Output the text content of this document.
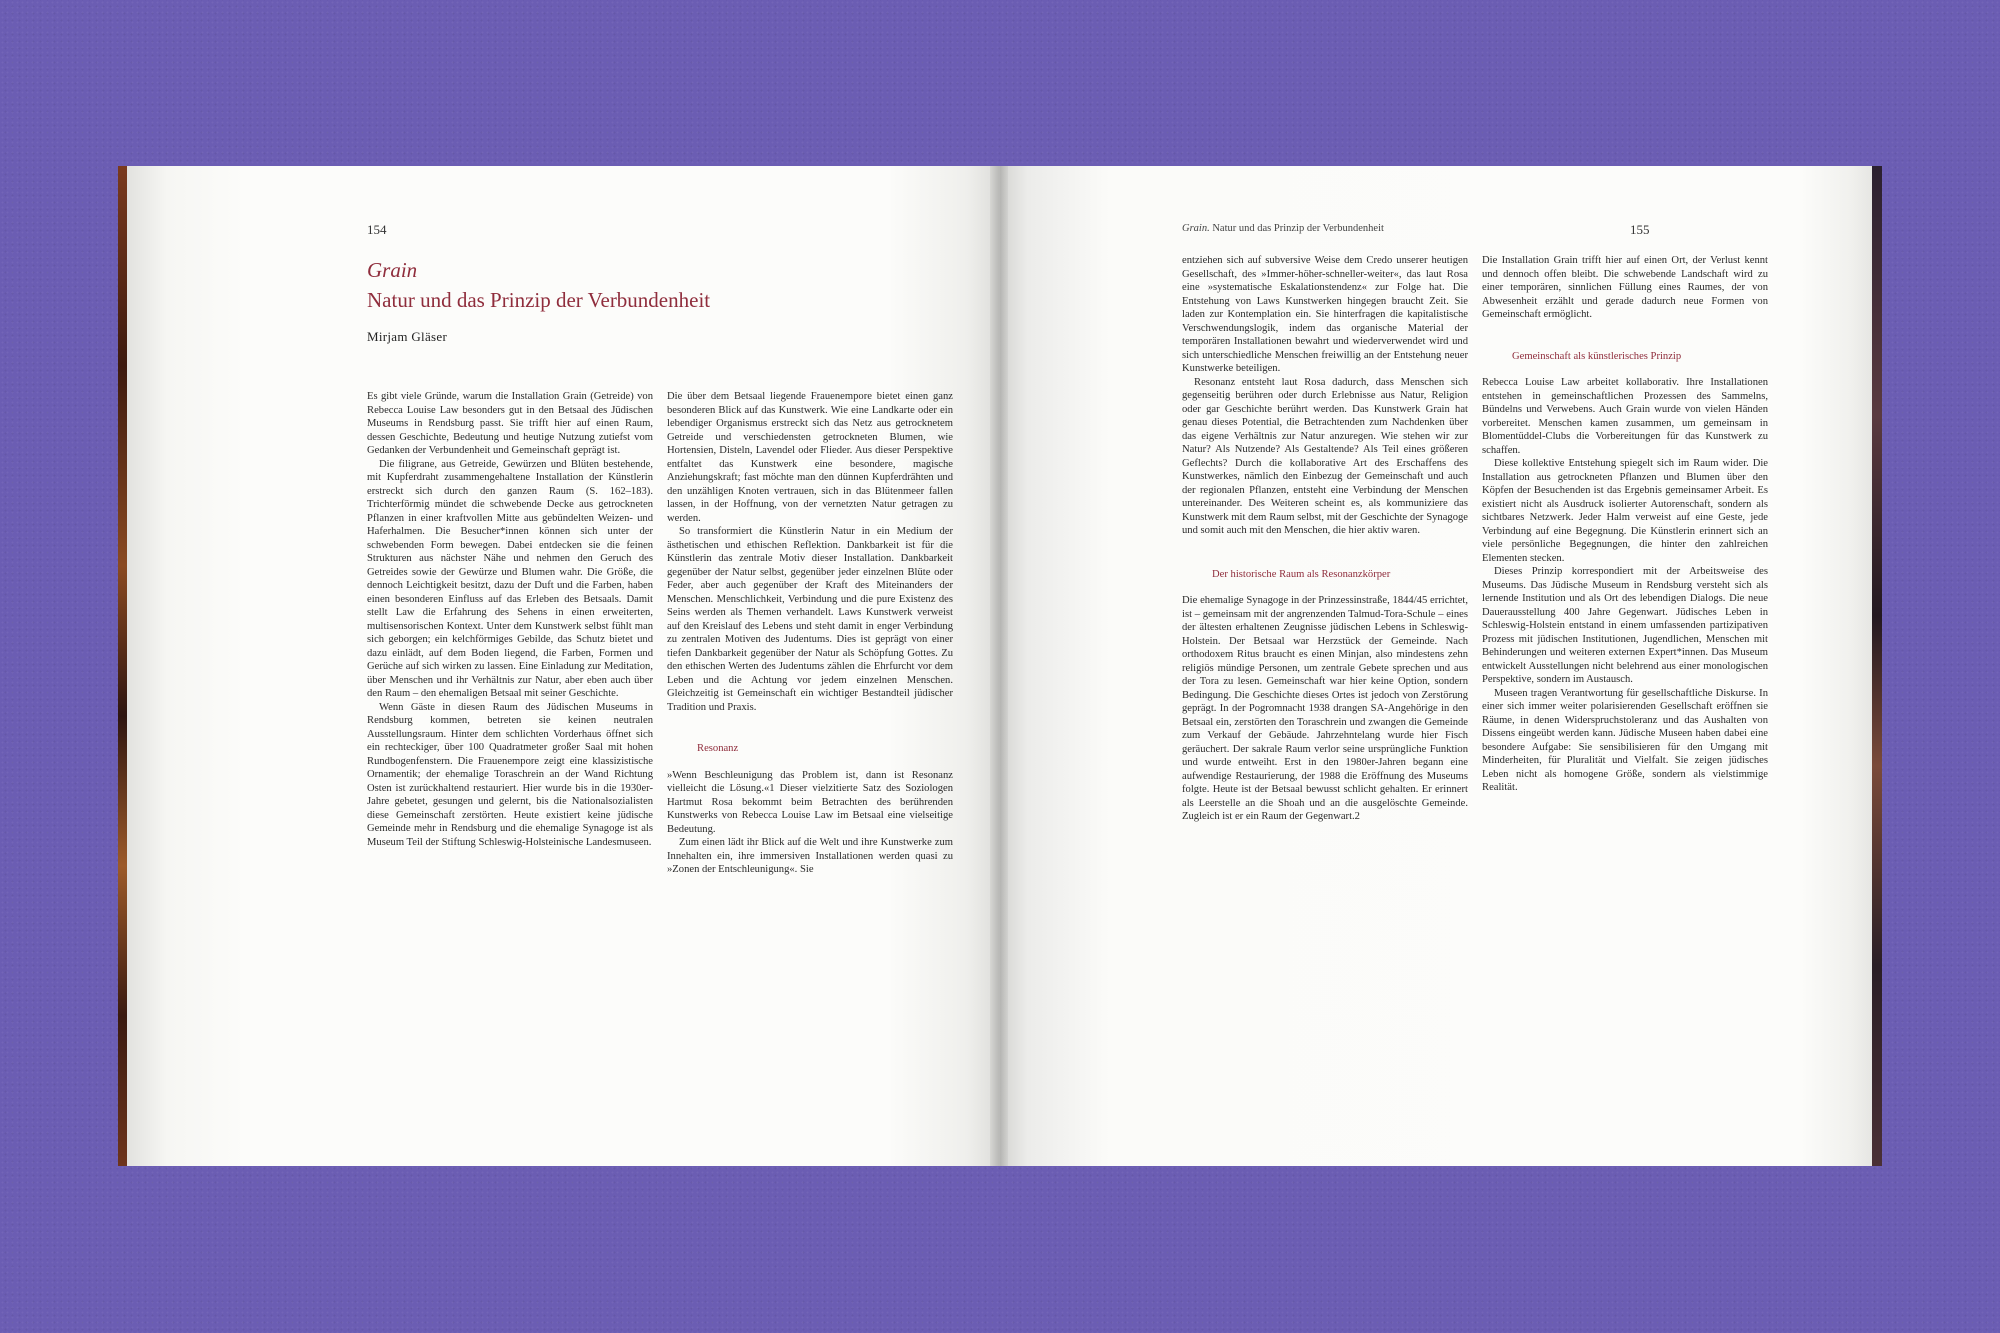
154
Grain
Natur und das Prinzip der Verbundenheit
Mirjam Gläser

Es gibt viele Gründe, warum die Installation Grain (Getreide) von Rebecca Louise Law besonders gut in den Betsaal des Jüdischen Museums in Rendsburg passt. Sie trifft hier auf einen Raum, dessen Geschichte, Bedeutung und heutige Nutzung zutiefst vom Gedanken der Verbundenheit und Gemeinschaft geprägt ist.

Die filigrane, aus Getreide, Gewürzen und Blüten bestehende, mit Kupferdraht zusammengehaltene Installation der Künstlerin erstreckt sich durch den ganzen Raum (S. 162–183). Trichterförmig mündet die schwebende Decke aus getrockneten Pflanzen in einer kraftvollen Mitte aus gebündelten Weizen- und Haferhalmen. Die Besucher*innen können sich unter der schwebenden Form bewegen. Dabei entdecken sie die feinen Strukturen aus nächster Nähe und nehmen den Geruch des Getreides sowie der Gewürze und Blumen wahr. Die Größe, die dennoch Leichtigkeit besitzt, dazu der Duft und die Farben, haben einen besonderen Einfluss auf das Erleben des Betsaals. Damit stellt Law die Erfahrung des Sehens in einen erweiterten, multisensorischen Kontext. Unter dem Kunstwerk selbst fühlt man sich geborgen; ein kelchförmiges Gebilde, das Schutz bietet und dazu einlädt, auf dem Boden liegend, die Farben, Formen und Gerüche auf sich wirken zu lassen. Eine Einladung zur Meditation, über Menschen und ihr Verhältnis zur Natur, aber eben auch über den Raum – den ehemaligen Betsaal mit seiner Geschichte.

Wenn Gäste in diesen Raum des Jüdischen Museums in Rendsburg kommen, betreten sie keinen neutralen Ausstellungsraum. Hinter dem schlichten Vorderhaus öffnet sich ein rechteckiger, über 100 Quadratmeter großer Saal mit hohen Rundbogenfenstern. Die Frauenempore zeigt eine klassizistische Ornamentik; der ehemalige Toraschrein an der Wand Richtung Osten ist zurückhaltend restauriert. Hier wurde bis in die 1930er-Jahre gebetet, gesungen und gelernt, bis die Nationalsozialisten diese Gemeinschaft zerstörten. Heute existiert keine jüdische Gemeinde mehr in Rendsburg und die ehemalige Synagoge ist als Museum Teil der Stiftung Schleswig-Holsteinische Landesmuseen.

Die über dem Betsaal liegende Frauenempore bietet einen ganz besonderen Blick auf das Kunstwerk. Wie eine Landkarte oder ein lebendiger Organismus erstreckt sich das Netz aus getrocknetem Getreide und verschiedensten getrockneten Blumen, wie Hortensien, Disteln, Lavendel oder Flieder. Aus dieser Perspektive entfaltet das Kunstwerk eine besondere, magische Anziehungskraft; fast möchte man den dünnen Kupferdrähten und den unzähligen Knoten vertrauen, sich in das Blütenmeer fallen lassen, in der Hoffnung, von der vernetzten Natur getragen zu werden.

So transformiert die Künstlerin Natur in ein Medium der ästhetischen und ethischen Reflektion. Dankbarkeit ist für die Künstlerin das zentrale Motiv dieser Installation. Dankbarkeit gegenüber der Natur selbst, gegenüber jeder einzelnen Blüte oder Feder, aber auch gegenüber der Kraft des Miteinanders der Menschen. Menschlichkeit, Verbindung und die pure Existenz des Seins werden als Themen verhandelt. Laws Kunstwerk verweist auf den Kreislauf des Lebens und steht damit in enger Verbindung zu zentralen Motiven des Judentums. Dies ist geprägt von einer tiefen Dankbarkeit gegenüber der Natur als Schöpfung Gottes. Zu den ethischen Werten des Judentums zählen die Ehrfurcht vor dem Leben und die Achtung vor jedem einzelnen Menschen. Gleichzeitig ist Gemeinschaft ein wichtiger Bestandteil jüdischer Tradition und Praxis.

Resonanz

»Wenn Beschleunigung das Problem ist, dann ist Resonanz vielleicht die Lösung.«1 Dieser vielzitierte Satz des Soziologen Hartmut Rosa bekommt beim Betrachten des berührenden Kunstwerks von Rebecca Louise Law im Betsaal eine vielseitige Bedeutung.

Zum einen lädt ihr Blick auf die Welt und ihre Kunstwerke zum Innehalten ein, ihre immersiven Installationen werden quasi zu »Zonen der Entschleunigung«. Sie

Grain. Natur und das Prinzip der Verbundenheit	155

entziehen sich auf subversive Weise dem Credo unserer heutigen Gesellschaft, des »Immer-höher-schneller-weiter«, das laut Rosa eine »systematische Eskalationstendenz« zur Folge hat. Die Entstehung von Laws Kunstwerken hingegen braucht Zeit. Sie laden zur Kontemplation ein. Sie hinterfragen die kapitalistische Verschwendungslogik, indem das organische Material der temporären Installationen bewahrt und wiederverwendet wird und sich unterschiedliche Menschen freiwillig an der Entstehung neuer Kunstwerke beteiligen.

Resonanz entsteht laut Rosa dadurch, dass Menschen sich gegenseitig berühren oder durch Erlebnisse aus Natur, Religion oder gar Geschichte berührt werden. Das Kunstwerk Grain hat genau dieses Potential, die Betrachtenden zum Nachdenken über das eigene Verhältnis zur Natur anzuregen. Wie stehen wir zur Natur? Als Nutzende? Als Gestaltende? Als Teil eines größeren Geflechts? Durch die kollaborative Art des Erschaffens des Kunstwerkes, nämlich den Einbezug der Gemeinschaft und auch der regionalen Pflanzen, entsteht eine Verbindung der Menschen untereinander. Des Weiteren scheint es, als kommuniziere das Kunstwerk mit dem Raum selbst, mit der Geschichte der Synagoge und somit auch mit den Menschen, die hier aktiv waren.

Der historische Raum als Resonanzkörper

Die ehemalige Synagoge in der Prinzessinstraße, 1844/45 errichtet, ist – gemeinsam mit der angrenzenden Talmud-Tora-Schule – eines der ältesten erhaltenen Zeugnisse jüdischen Lebens in Schleswig-Holstein. Der Betsaal war Herzstück der Gemeinde. Nach orthodoxem Ritus braucht es einen Minjan, also mindestens zehn religiös mündige Personen, um zentrale Gebete sprechen und aus der Tora zu lesen. Gemeinschaft war hier keine Option, sondern Bedingung. Die Geschichte dieses Ortes ist jedoch von Zerstörung geprägt. In der Pogromnacht 1938 drangen SA-Angehörige in den Betsaal ein, zerstörten den Toraschrein und zwangen die Gemeinde zum Verkauf der Gebäude. Jahrzehntelang wurde hier Fisch geräuchert. Der sakrale Raum verlor seine ursprüngliche Funktion und wurde entweiht. Erst in den 1980er-Jahren begann eine aufwendige Restaurierung, der 1988 die Eröffnung des Museums folgte. Heute ist der Betsaal bewusst schlicht gehalten. Er erinnert als Leerstelle an die Shoah und an die ausgelöschte Gemeinde. Zugleich ist er ein Raum der Gegenwart.2

Die Installation Grain trifft hier auf einen Ort, der Verlust kennt und dennoch offen bleibt. Die schwebende Landschaft wird zu einer temporären, sinnlichen Füllung eines Raumes, der von Abwesenheit erzählt und gerade dadurch neue Formen von Gemeinschaft ermöglicht.

Gemeinschaft als künstlerisches Prinzip

Rebecca Louise Law arbeitet kollaborativ. Ihre Installationen entstehen in gemeinschaftlichen Prozessen des Sammelns, Bündelns und Verwebens. Auch Grain wurde von vielen Händen vorbereitet. Menschen kamen zusammen, um gemeinsam in Blomentüddel-Clubs die Vorbereitungen für das Kunstwerk zu schaffen.

Diese kollektive Entstehung spiegelt sich im Raum wider. Die Installation aus getrockneten Pflanzen und Blumen über den Köpfen der Besuchenden ist das Ergebnis gemeinsamer Arbeit. Es existiert nicht als Ausdruck isolierter Autorenschaft, sondern als sichtbares Netzwerk. Jeder Halm verweist auf eine Geste, jede Verbindung auf eine Begegnung. Die Künstlerin erinnert sich an viele persönliche Begegnungen, die hinter den zahlreichen Elementen stecken.

Dieses Prinzip korrespondiert mit der Arbeitsweise des Museums. Das Jüdische Museum in Rendsburg versteht sich als lernende Institution und als Ort des lebendigen Dialogs. Die neue Dauerausstellung 400 Jahre Gegenwart. Jüdisches Leben in Schleswig-Holstein entstand in einem umfassenden partizipativen Prozess mit jüdischen Institutionen, Jugendlichen, Menschen mit Behinderungen und weiteren externen Expert*innen. Das Museum entwickelt Ausstellungen nicht belehrend aus einer monologischen Perspektive, sondern im Austausch.

Museen tragen Verantwortung für gesellschaftliche Diskurse. In einer sich immer weiter polarisierenden Gesellschaft eröffnen sie Räume, in denen Widerspruchstoleranz und das Aushalten von Dissens eingeübt werden kann. Jüdische Museen haben dabei eine besondere Aufgabe: Sie sensibilisieren für den Umgang mit Minderheiten, für Pluralität und Vielfalt. Sie zeigen jüdisches Leben nicht als homogene Größe, sondern als vielstimmige Realität.
